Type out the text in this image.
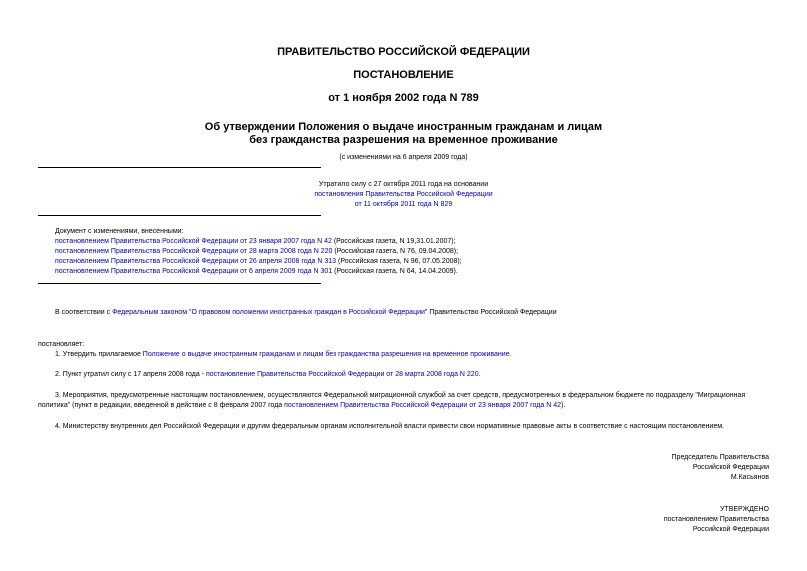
ПРАВИТЕЛЬСТВО РОССИЙСКОЙ ФЕДЕРАЦИИ
ПОСТАНОВЛЕНИЕ
от 1 ноября 2002 года N 789
Об утверждении Положения о выдаче иностранным гражданам и лицам
без гражданства разрешения на временное проживание
(с изменениями на 6 апреля 2009 года)
Утратило силу с 27 октября 2011 года на основании
постановления Правительства Российской Федерации
от 11 октября 2011 года N 829
Документ с изменениями, внесенными:
постановлением Правительства Российской Федерации от 23 января 2007 года N 42 (Российская газета, N 19,31.01.2007);
постановлением Правительства Российской Федерации от 28 марта 2008 года N 220 (Российская газета, N 76, 09.04.2008);
постановлением Правительства Российской Федерации от 26 апреля 2008 года N 313 (Российская газета, N 96, 07.05.2008);
постановлением Правительства Российской Федерации от 6 апреля 2009 года N 301 (Российская газета, N 64, 14.04.2009).
В соответствии с Федеральным законом "О правовом положении иностранных граждан в Российской Федерации" Правительство Российской Федерации
постановляет:
1. Утвердить прилагаемое Положение о выдаче иностранным гражданам и лицам без гражданства разрешения на временное проживание.
2. Пункт утратил силу с 17 апреля 2008 года - постановление Правительства Российской Федерации от 28 марта 2008 года N 220.
3. Мероприятия, предусмотренные настоящим постановлением, осуществляются Федеральной миграционной службой за счет средств, предусмотренных в федеральном бюджете по подразделу "Миграционная
политика" (пункт в редакции, введенной в действие с 8 февраля 2007 года постановлением Правительства Российской Федерации от 23 января 2007 года N 42).
4. Министерству внутренних дел Российской Федерации и другим федеральным органам исполнительной власти привести свои нормативные правовые акты в соответствие с настоящим постановлением.
Председатель Правительства
Российской Федерации
М.Касьянов
УТВЕРЖДЕНО
постановлением Правительства
Российской Федерации
